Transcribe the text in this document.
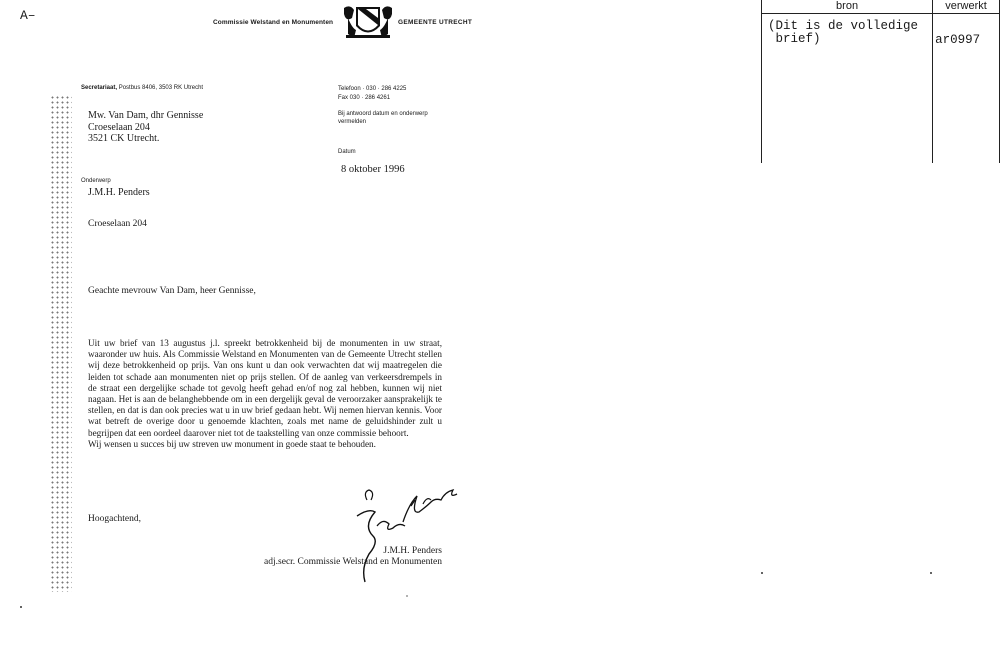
A–	Commissie Welstand en Monumenten	GEMEENTE UTRECHT
Secretariaat, Postbus 8406, 3503 RK Utrecht	Telefoon · 030 · 286 4225
Fax 030 · 286 4261
Bij antwoord datum en onderwerp vermelden
Datum
8 oktober 1996
Mw. Van Dam, dhr Gennisse
Croeselaan 204
3521 CK Utrecht.
Onderwerp
J.M.H. Penders
Croeselaan 204
Geachte mevrouw Van Dam, heer Gennisse,

Uit uw brief van 13 augustus j.l. spreekt betrokkenheid bij de monumenten in uw straat, waaronder uw huis. Als Commissie Welstand en Monumenten van de Gemeente Utrecht stellen wij deze betrokkenheid op prijs. Van ons kunt u dan ook verwachten dat wij maatregelen die leiden tot schade aan monumenten niet op prijs stellen. Of de aanleg van verkeersdrempels in de straat een dergelijke schade tot gevolg heeft gehad en/of nog zal hebben, kunnen wij niet nagaan. Het is aan de belanghebbende om in een dergelijk geval de veroorzaker aansprakelijk te stellen, en dat is dan ook precies wat u in uw brief gedaan hebt. Wij nemen hiervan kennis. Voor wat betreft de overige door u genoemde klachten, zoals met name de geluidshinder zult u begrijpen dat een oordeel daarover niet tot de taakstelling van onze commissie behoort.

Wij wensen u succes bij uw streven uw monument in goede staat te behouden.

Hoogachtend,
J.M.H. Penders
adj.secr. Commissie Welstand en Monumenten
bron	verwerkt
(Dit is de volledige
brief)	ar0997
